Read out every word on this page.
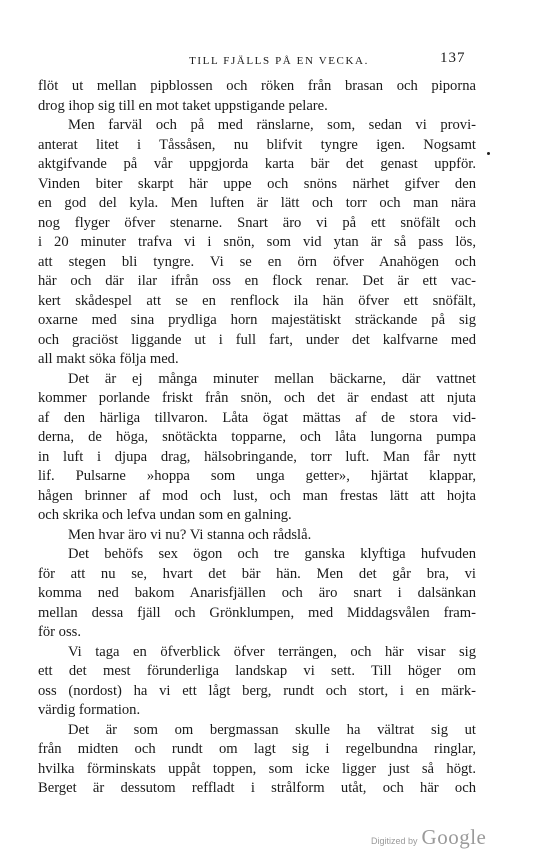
TILL FJÄLLS PÅ EN VECKA.	137
flöt ut mellan pipblossen och röken från brasan och piporna
drog ihop sig till en mot taket uppstigande pelare.
Men farväl och på med ränslarne, som, sedan vi provi-
anterat litet i Tåssåsen, nu blifvit tyngre igen. Nogsamt
aktgifvande på vår uppgjorda karta bär det genast uppför.
Vinden biter skarpt här uppe och snöns närhet gifver den
en god del kyla. Men luften är lätt och torr och man nära
nog flyger öfver stenarne. Snart äro vi på ett snöfält och
i 20 minuter trafva vi i snön, som vid ytan är så pass lös,
att stegen bli tyngre. Vi se en örn öfver Anahögen och
här och där ilar ifrån oss en flock renar. Det är ett vac-
kert skådespel att se en renflock ila hän öfver ett snöfält,
oxarne med sina prydliga horn majestätiskt sträckande på sig
och graciöst liggande ut i full fart, under det kalfvarne med
all makt söka följa med.
Det är ej många minuter mellan bäckarne, där vattnet
kommer porlande friskt från snön, och det är endast att njuta
af den härliga tillvaron. Låta ögat mättas af de stora vid-
derna, de höga, snötäckta topparne, och låta lungorna pumpa
in luft i djupa drag, hälsobringande, torr luft. Man får nytt
lif. Pulsarne »hoppa som unga getter», hjärtat klappar,
hågen brinner af mod och lust, och man frestas lätt att hojta
och skrika och lefva undan som en galning.
Men hvar äro vi nu? Vi stanna och rådslå.
Det behöfs sex ögon och tre ganska klyftiga hufvuden
för att nu se, hvart det bär hän. Men det går bra, vi
komma ned bakom Anarisfjällen och äro snart i dalsänkan
mellan dessa fjäll och Grönklumpen, med Middagsvålen fram-
för oss.
Vi taga en öfverblick öfver terrängen, och här visar sig
ett det mest förunderliga landskap vi sett. Till höger om
oss (nordost) ha vi ett lågt berg, rundt och stort, i en märk-
värdig formation.
Det är som om bergmassan skulle ha vältrat sig ut
från midten och rundt om lagt sig i regelbundna ringlar,
hvilka förminskats uppåt toppen, som icke ligger just så högt.
Berget är dessutom reffladt i strålform utåt, och här och
Digitized by Google
